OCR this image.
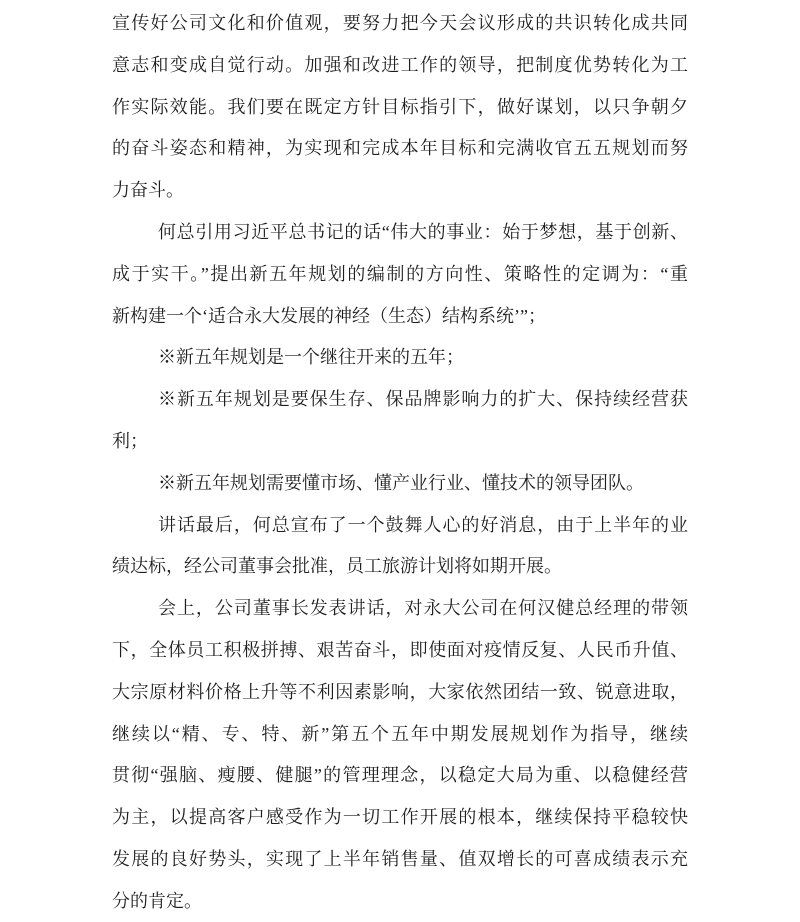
宣传好公司文化和价值观，要努力把今天会议形成的共识转化成共同
意志和变成自觉行动。加强和改进工作的领导，把制度优势转化为工
作实际效能。我们要在既定方针目标指引下，做好谋划，以只争朝夕
的奋斗姿态和精神，为实现和完成本年目标和完满收官五五规划而努
力奋斗。
何总引用习近平总书记的话“伟大的事业：始于梦想，基于创新、
成于实干。”提出新五年规划的编制的方向性、策略性的定调为：“重
新构建一个‘适合永大发展的神经（生态）结构系统’”；
※新五年规划是一个继往开来的五年；
※新五年规划是要保生存、保品牌影响力的扩大、保持续经营获
利；
※新五年规划需要懂市场、懂产业行业、懂技术的领导团队。
讲话最后，何总宣布了一个鼓舞人心的好消息，由于上半年的业
绩达标，经公司董事会批准，员工旅游计划将如期开展。
会上，公司董事长发表讲话，对永大公司在何汉健总经理的带领
下，全体员工积极拼搏、艰苦奋斗，即使面对疫情反复、人民币升值、
大宗原材料价格上升等不利因素影响，大家依然团结一致、锐意进取，
继续以“精、专、特、新”第五个五年中期发展规划作为指导，继续
贯彻“强脑、瘦腰、健腿”的管理理念，以稳定大局为重、以稳健经营
为主，以提高客户感受作为一切工作开展的根本，继续保持平稳较快
发展的良好势头，实现了上半年销售量、值双增长的可喜成绩表示充
分的肯定。
